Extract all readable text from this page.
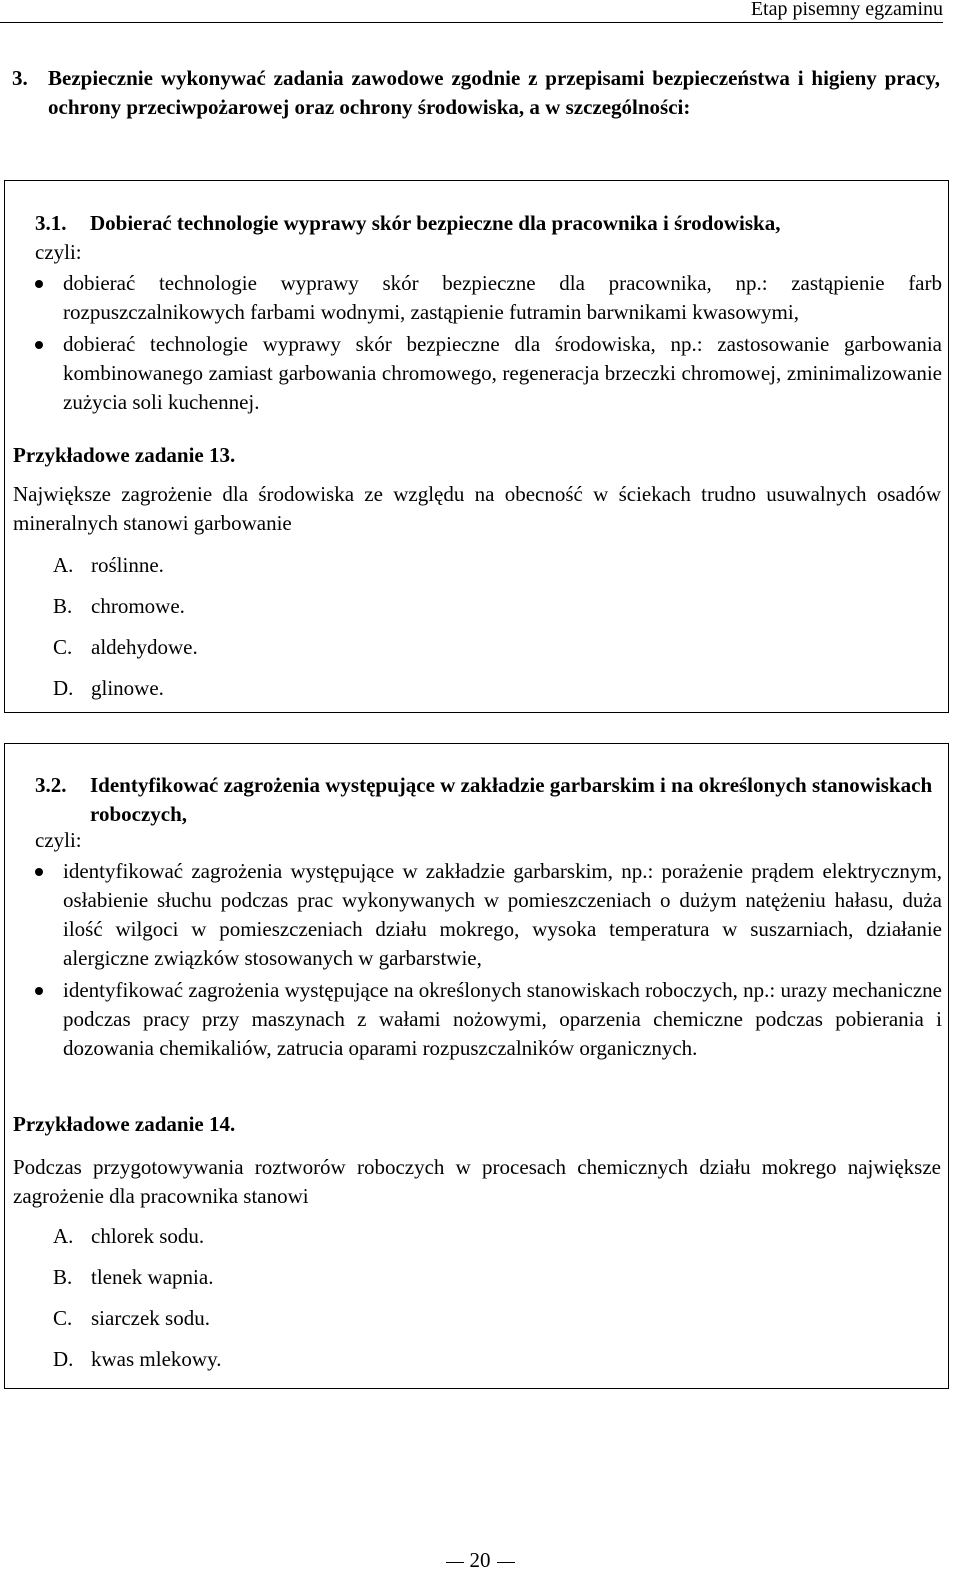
Etap pisemny egzaminu
3. Bezpiecznie wykonywać zadania zawodowe zgodnie z przepisami bezpieczeństwa i higieny pracy, ochrony przeciwpożarowej oraz ochrony środowiska, a w szczególności:
3.1.	Dobierać technologie wyprawy skór bezpieczne dla pracownika i środowiska,
czyli:
dobierać technologie wyprawy skór bezpieczne dla pracownika, np.: zastąpienie farb rozpuszczalnikowych farbami wodnymi, zastąpienie futramin barwnikami kwasowymi,
dobierać technologie wyprawy skór bezpieczne dla środowiska, np.: zastosowanie garbowania kombinowanego zamiast garbowania chromowego, regeneracja brzeczki chromowej, zminimalizowanie zużycia soli kuchennej.
Przykładowe zadanie 13.
Największe zagrożenie dla środowiska ze względu na obecność w ściekach trudno usuwalnych osadów mineralnych stanowi garbowanie
A. roślinne.
B. chromowe.
C. aldehydowe.
D. glinowe.
3.2.	Identyfikować zagrożenia występujące w zakładzie garbarskim i na określonych stanowiskach roboczych,
czyli:
identyfikować zagrożenia występujące w zakładzie garbarskim, np.: porażenie prądem elektrycznym, osłabienie słuchu podczas prac wykonywanych w pomieszczeniach o dużym natężeniu hałasu, duża ilość wilgoci w pomieszczeniach działu mokrego, wysoka temperatura w suszarniach, działanie alergiczne związków stosowanych w garbarstwie,
identyfikować zagrożenia występujące na określonych stanowiskach roboczych, np.: urazy mechaniczne podczas pracy przy maszynach z wałami nożowymi, oparzenia chemiczne podczas pobierania i dozowania chemikaliów, zatrucia oparami rozpuszczalników organicznych.
Przykładowe zadanie 14.
Podczas przygotowywania roztworów roboczych w procesach chemicznych działu mokrego największe zagrożenie dla pracownika stanowi
A. chlorek sodu.
B. tlenek wapnia.
C. siarczek sodu.
D. kwas mlekowy.
20
